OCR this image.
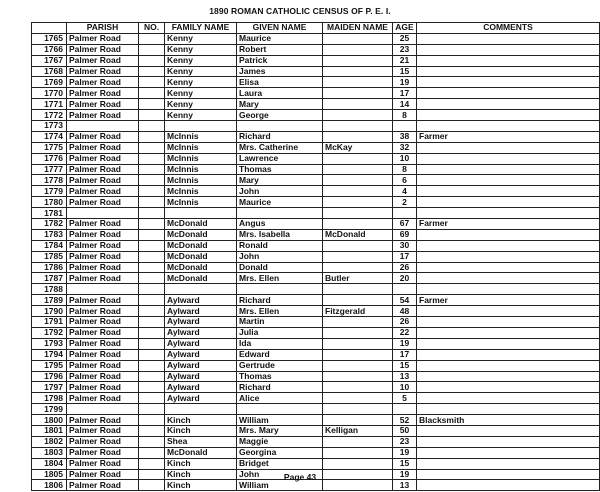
1890 ROMAN CATHOLIC CENSUS OF P. E. I.
	PARISH	NO.	FAMILY NAME	GIVEN NAME	MAIDEN NAME	AGE	COMMENTS
1765	Palmer Road		Kenny	Maurice		25	
1766	Palmer Road		Kenny	Robert		23	
1767	Palmer Road		Kenny	Patrick		21	
1768	Palmer Road		Kenny	James		15	
1769	Palmer Road		Kenny	Elisa		19	
1770	Palmer Road		Kenny	Laura		17	
1771	Palmer Road		Kenny	Mary		14	
1772	Palmer Road		Kenny	George		8	
1773							
1774	Palmer Road		McInnis	Richard		38	Farmer
1775	Palmer Road		McInnis	Mrs. Catherine	McKay	32	
1776	Palmer Road		McInnis	Lawrence		10	
1777	Palmer Road		McInnis	Thomas		8	
1778	Palmer Road		McInnis	Mary		6	
1779	Palmer Road		McInnis	John		4	
1780	Palmer Road		McInnis	Maurice		2	
1781							
1782	Palmer Road		McDonald	Angus		67	Farmer
1783	Palmer Road		McDonald	Mrs. Isabella	McDonald	69	
1784	Palmer Road		McDonald	Ronald		30	
1785	Palmer Road		McDonald	John		17	
1786	Palmer Road		McDonald	Donald		26	
1787	Palmer Road		McDonald	Mrs. Ellen	Butler	20	
1788							
1789	Palmer Road		Aylward	Richard		54	Farmer
1790	Palmer Road		Aylward	Mrs. Ellen	Fitzgerald	48	
1791	Palmer Road		Aylward	Martin		26	
1792	Palmer Road		Aylward	Julia		22	
1793	Palmer Road		Aylward	Ida		19	
1794	Palmer Road		Aylward	Edward		17	
1795	Palmer Road		Aylward	Gertrude		15	
1796	Palmer Road		Aylward	Thomas		13	
1797	Palmer Road		Aylward	Richard		10	
1798	Palmer Road		Aylward	Alice		5	
1799							
1800	Palmer Road		Kinch	William		52	Blacksmith
1801	Palmer Road		Kinch	Mrs. Mary	Kelligan	50	
1802	Palmer Road		Shea	Maggie		23	
1803	Palmer Road		McDonald	Georgina		19	
1804	Palmer Road		Kinch	Bridget		15	
1805	Palmer Road		Kinch	John		19	
1806	Palmer Road		Kinch	William		13	
Page 43
